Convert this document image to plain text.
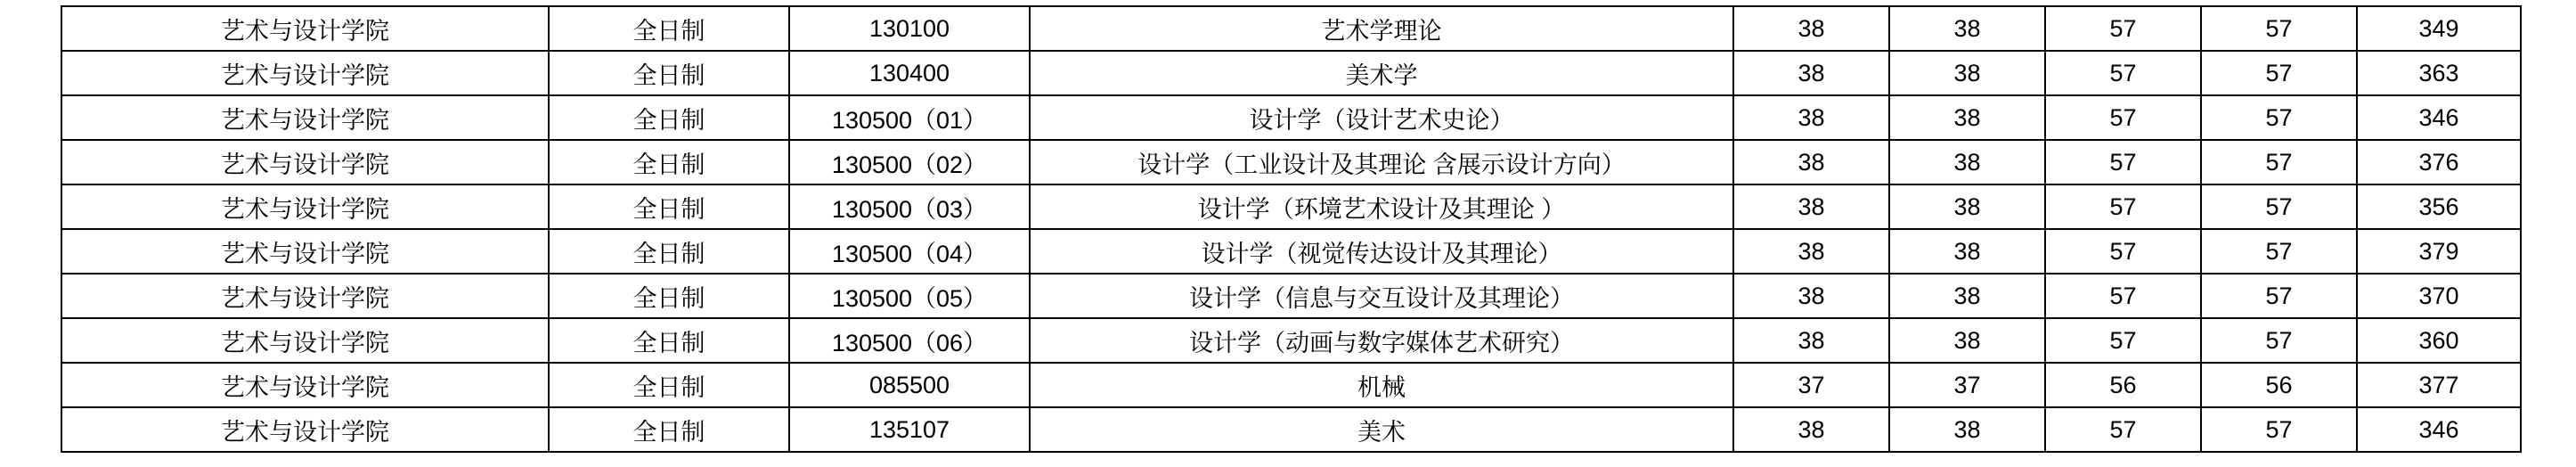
艺术与设计学院	全日制	130100	艺术学理论	38	38	57	57	349
艺术与设计学院	全日制	130400	美术学	38	38	57	57	363
艺术与设计学院	全日制	130500（01）	设计学（设计艺术史论）	38	38	57	57	346
艺术与设计学院	全日制	130500（02）	设计学（工业设计及其理论 含展示设计方向）	38	38	57	57	376
艺术与设计学院	全日制	130500（03）	设计学（环境艺术设计及其理论 ）	38	38	57	57	356
艺术与设计学院	全日制	130500（04）	设计学（视觉传达设计及其理论）	38	38	57	57	379
艺术与设计学院	全日制	130500（05）	设计学（信息与交互设计及其理论）	38	38	57	57	370
艺术与设计学院	全日制	130500（06）	设计学（动画与数字媒体艺术研究）	38	38	57	57	360
艺术与设计学院	全日制	085500	机械	37	37	56	56	377
艺术与设计学院	全日制	135107	美术	38	38	57	57	346
